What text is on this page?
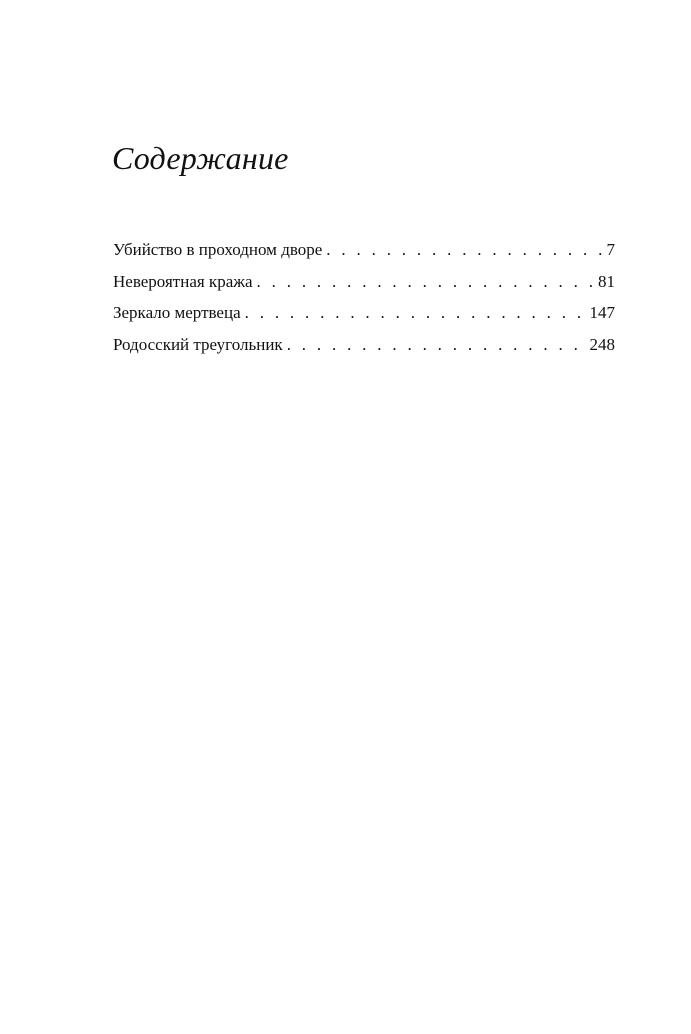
Содержание
Убийство в проходном дворе . . .	7
Невероятная кража . . .	81
Зеркало мертвеца . . .	147
Родосский треугольник . . .	248
